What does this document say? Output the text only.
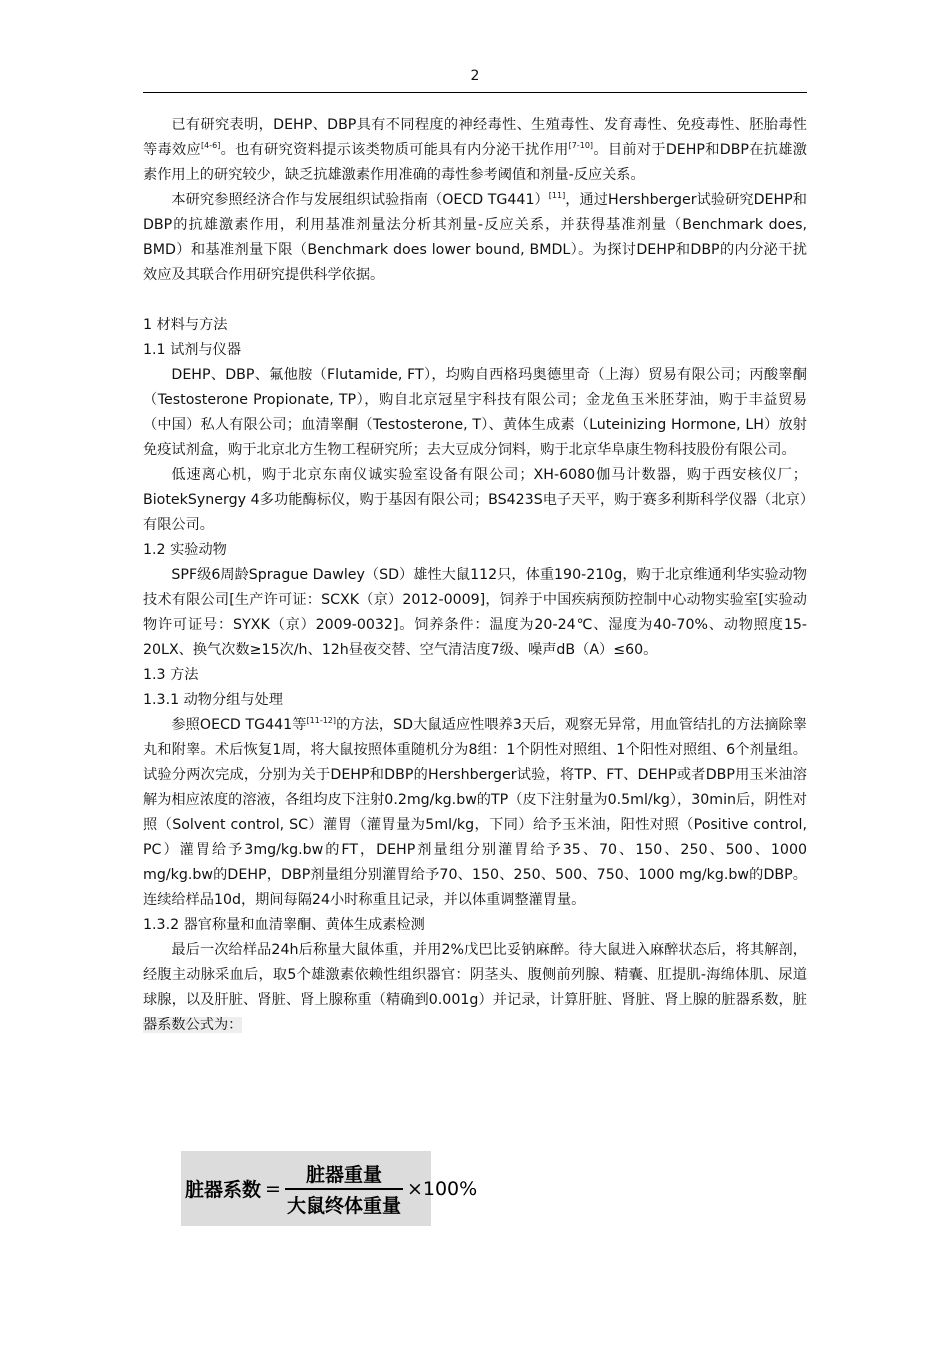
2

已有研究表明，DEHP、DBP具有不同程度的神经毒性、生殖毒性、发育毒性、免疫毒性、胚胎毒性等毒效应[4-6]。也有研究资料提示该类物质可能具有内分泌干扰作用[7-10]。目前对于DEHP和DBP在抗雄激素作用上的研究较少，缺乏抗雄激素作用准确的毒性参考阈值和剂量-反应关系。

本研究参照经济合作与发展组织试验指南（OECD TG441）[11]，通过Hershberger试验研究DEHP和DBP的抗雄激素作用，利用基准剂量法分析其剂量-反应关系，并获得基准剂量（Benchmark does, BMD）和基准剂量下限（Benchmark does lower bound, BMDL）。为探讨DEHP和DBP的内分泌干扰效应及其联合作用研究提供科学依据。

1 材料与方法

1.1 试剂与仪器

DEHP、DBP、氟他胺（Flutamide, FT），均购自西格玛奥德里奇（上海）贸易有限公司；丙酸睾酮（Testosterone Propionate, TP），购自北京冠星宇科技有限公司；金龙鱼玉米胚芽油，购于丰益贸易（中国）私人有限公司；血清睾酮（Testosterone, T）、黄体生成素（Luteinizing Hormone, LH）放射免疫试剂盒，购于北京北方生物工程研究所；去大豆成分饲料，购于北京华阜康生物科技股份有限公司。

低速离心机，购于北京东南仪诚实验室设备有限公司；XH-6080伽马计数器，购于西安核仪厂；BiotekSynergy 4多功能酶标仪，购于基因有限公司；BS423S电子天平，购于赛多利斯科学仪器（北京）有限公司。

1.2 实验动物

SPF级6周龄Sprague Dawley（SD）雄性大鼠112只，体重190-210g，购于北京维通利华实验动物技术有限公司[生产许可证：SCXK（京）2012-0009]，饲养于中国疾病预防控制中心动物实验室[实验动物许可证号：SYXK（京）2009-0032]。饲养条件：温度为20-24℃、湿度为40-70%、动物照度15-20LX、换气次数≥15次/h、12h昼夜交替、空气清洁度7级、噪声dB（A）≤60。

1.3 方法

1.3.1 动物分组与处理

参照OECD TG441等[11-12]的方法，SD大鼠适应性喂养3天后，观察无异常，用血管结扎的方法摘除睾丸和附睾。术后恢复1周，将大鼠按照体重随机分为8组：1个阴性对照组、1个阳性对照组、6个剂量组。试验分两次完成，分别为关于DEHP和DBP的Hershberger试验，将TP、FT、DEHP或者DBP用玉米油溶解为相应浓度的溶液，各组均皮下注射0.2mg/kg.bw的TP（皮下注射量为0.5ml/kg），30min后，阴性对照（Solvent control, SC）灌胃（灌胃量为5ml/kg，下同）给予玉米油，阳性对照（Positive control, PC）灌胃给予3mg/kg.bw的FT，DEHP剂量组分别灌胃给予35、70、150、250、500、1000 mg/kg.bw的DEHP，DBP剂量组分别灌胃给予70、150、250、500、750、1000 mg/kg.bw的DBP。连续给样品10d，期间每隔24小时称重且记录，并以体重调整灌胃量。

1.3.2 器官称量和血清睾酮、黄体生成素检测

最后一次给样品24h后称量大鼠体重，并用2%戊巴比妥钠麻醉。待大鼠进入麻醉状态后，将其解剖，经腹主动脉采血后，取5个雄激素依赖性组织器官：阴茎头、腹侧前列腺、精囊、肛提肌-海绵体肌、尿道球腺，以及肝脏、肾脏、肾上腺称重（精确到0.001g）并记录，计算肝脏、肾脏、肾上腺的脏器系数，脏器系数公式为：

脏器系数 = $\frac{\text{脏器重量}}{\text{大鼠终体重量}} \times 100\%$
